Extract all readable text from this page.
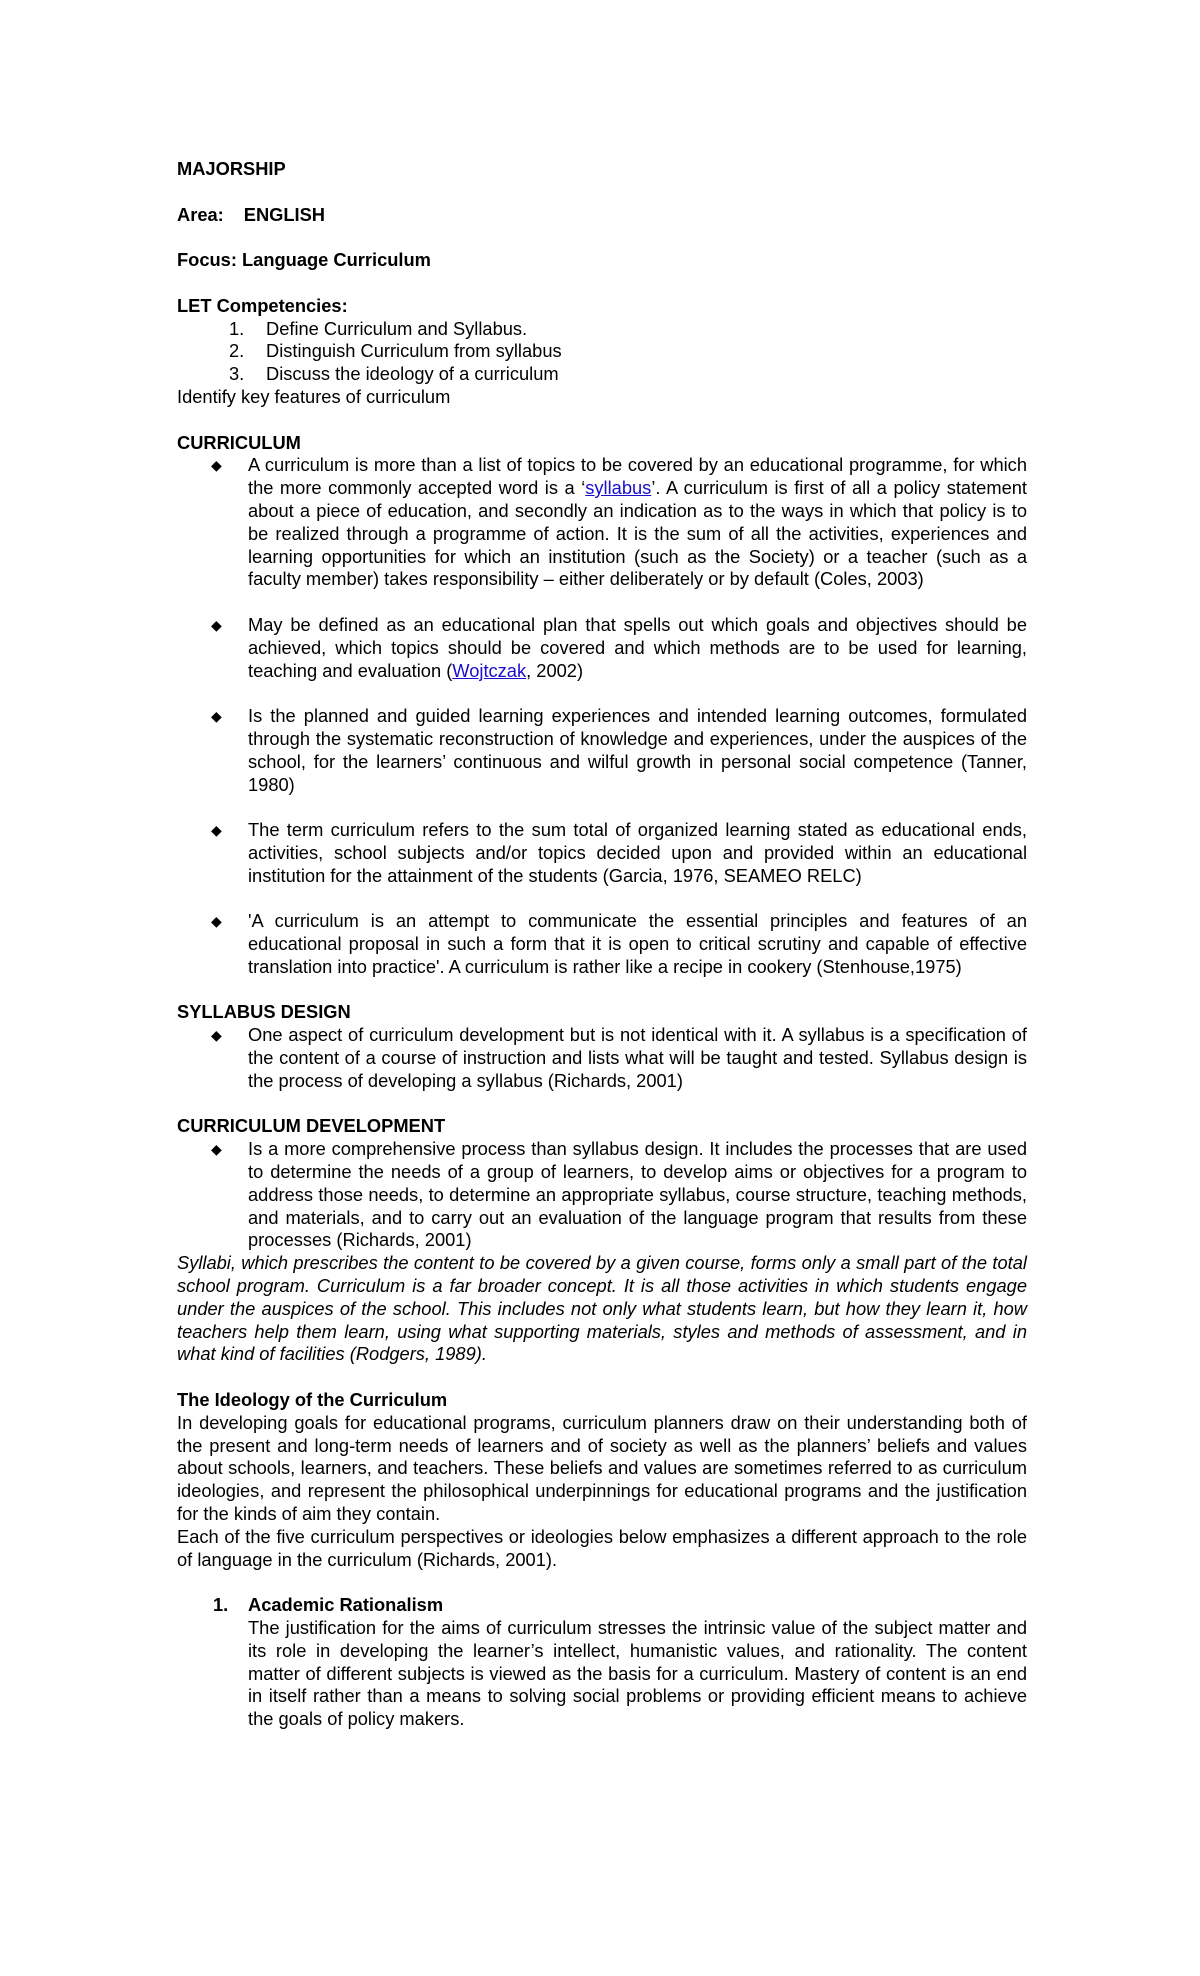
MAJORSHIP
Area: ENGLISH
Focus: Language Curriculum
LET Competencies:
1. Define Curriculum and Syllabus.
2. Distinguish Curriculum from syllabus
3. Discuss the ideology of a curriculum
Identify key features of curriculum
CURRICULUM
◆ A curriculum is more than a list of topics to be covered by an educational programme, for which the more commonly accepted word is a ‘syllabus’. A curriculum is first of all a policy statement about a piece of education, and secondly an indication as to the ways in which that policy is to be realized through a programme of action. It is the sum of all the activities, experiences and learning opportunities for which an institution (such as the Society) or a teacher (such as a faculty member) takes responsibility – either deliberately or by default (Coles, 2003)
◆ May be defined as an educational plan that spells out which goals and objectives should be achieved, which topics should be covered and which methods are to be used for learning, teaching and evaluation (Wojtczak, 2002)
◆ Is the planned and guided learning experiences and intended learning outcomes, formulated through the systematic reconstruction of knowledge and experiences, under the auspices of the school, for the learners’ continuous and wilful growth in personal social competence (Tanner, 1980)
◆ The term curriculum refers to the sum total of organized learning stated as educational ends, activities, school subjects and/or topics decided upon and provided within an educational institution for the attainment of the students (Garcia, 1976, SEAMEO RELC)
◆ 'A curriculum is an attempt to communicate the essential principles and features of an educational proposal in such a form that it is open to critical scrutiny and capable of effective translation into practice'. A curriculum is rather like a recipe in cookery (Stenhouse,1975)
SYLLABUS DESIGN
◆ One aspect of curriculum development but is not identical with it. A syllabus is a specification of the content of a course of instruction and lists what will be taught and tested. Syllabus design is the process of developing a syllabus (Richards, 2001)
CURRICULUM DEVELOPMENT
◆ Is a more comprehensive process than syllabus design. It includes the processes that are used to determine the needs of a group of learners, to develop aims or objectives for a program to address those needs, to determine an appropriate syllabus, course structure, teaching methods, and materials, and to carry out an evaluation of the language program that results from these processes (Richards, 2001)

Syllabi, which prescribes the content to be covered by a given course, forms only a small part of the total school program. Curriculum is a far broader concept. It is all those activities in which students engage under the auspices of the school. This includes not only what students learn, but how they learn it, how teachers help them learn, using what supporting materials, styles and methods of assessment, and in what kind of facilities (Rodgers, 1989).

The Ideology of the Curriculum

In developing goals for educational programs, curriculum planners draw on their understanding both of the present and long-term needs of learners and of society as well as the planners’ beliefs and values about schools, learners, and teachers. These beliefs and values are sometimes referred to as curriculum ideologies, and represent the philosophical underpinnings for educational programs and the justification for the kinds of aim they contain.

Each of the five curriculum perspectives or ideologies below emphasizes a different approach to the role of language in the curriculum (Richards, 2001).

1. Academic Rationalism

The justification for the aims of curriculum stresses the intrinsic value of the subject matter and its role in developing the learner’s intellect, humanistic values, and rationality. The content matter of different subjects is viewed as the basis for a curriculum. Mastery of content is an end in itself rather than a means to solving social problems or providing efficient means to achieve the goals of policy makers.
